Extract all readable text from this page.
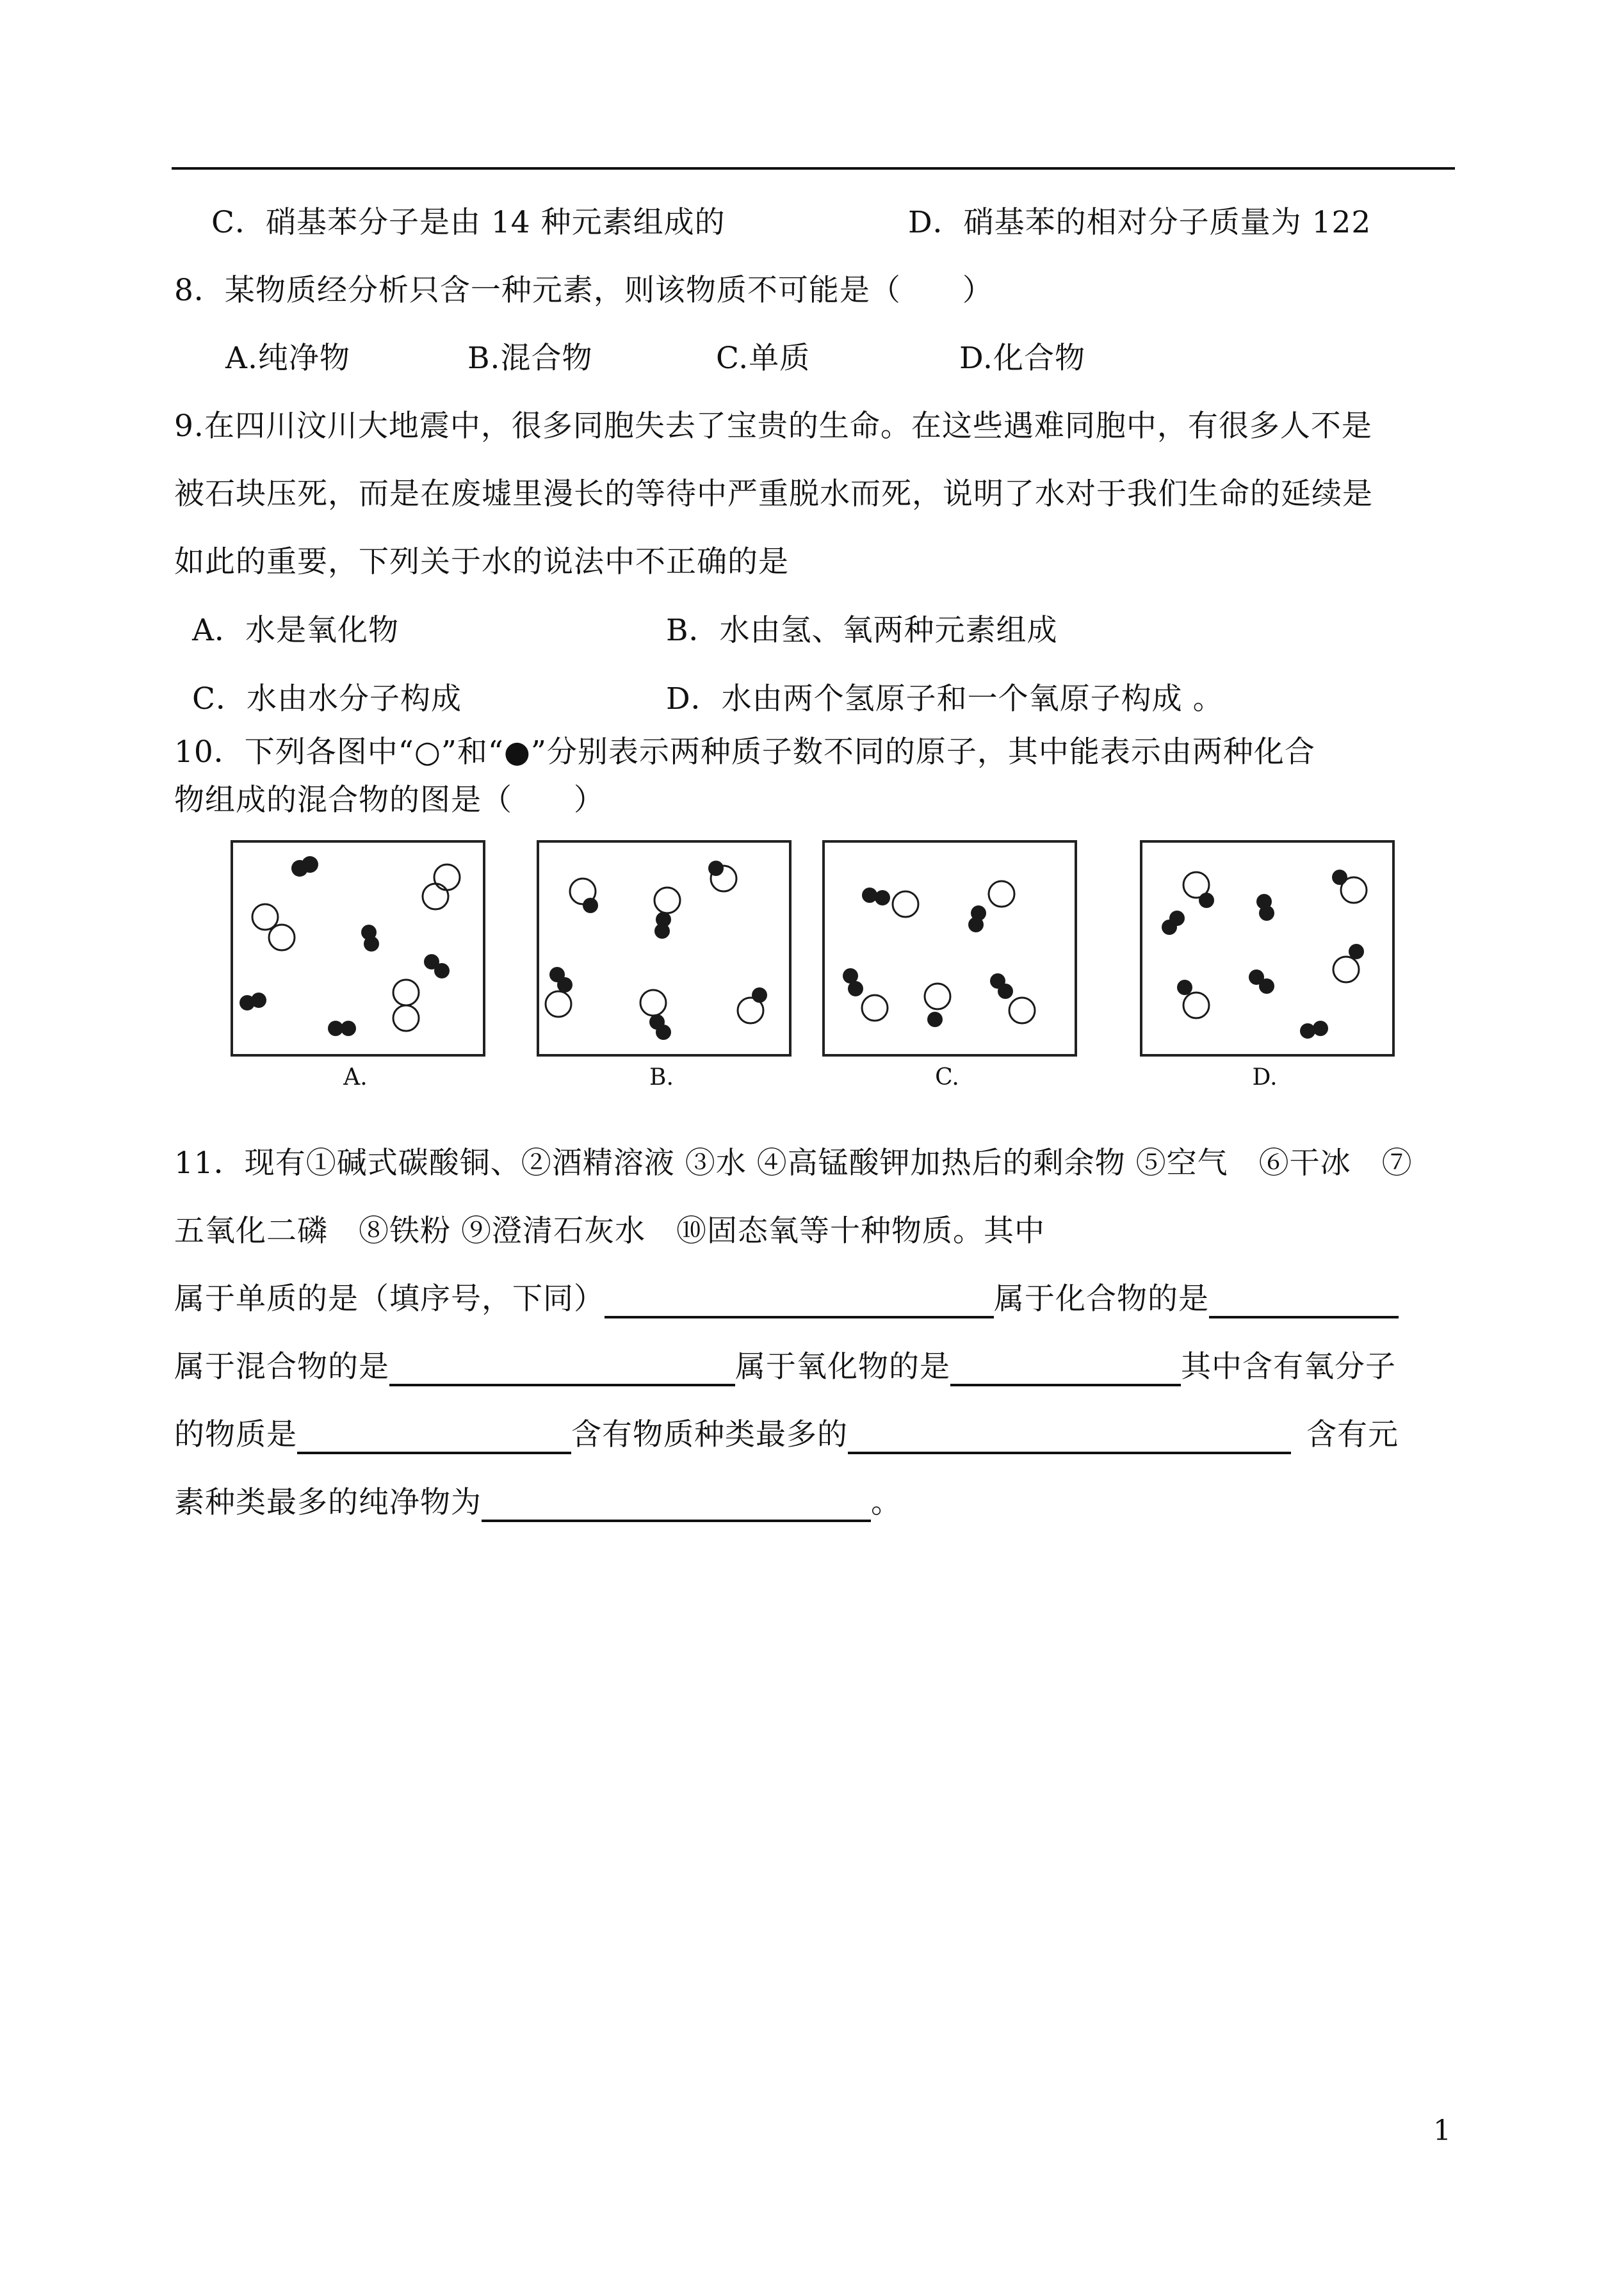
C．硝基苯分子是由 14 种元素组成的	D．硝基苯的相对分子质量为 122
8．某物质经分析只含一种元素，则该物质不可能是（　　）
A.纯净物	B.混合物	C.单质	D.化合物
9.在四川汶川大地震中，很多同胞失去了宝贵的生命。在这些遇难同胞中，有很多人不是
被石块压死，而是在废墟里漫长的等待中严重脱水而死，说明了水对于我们生命的延续是
如此的重要，下列关于水的说法中不正确的是
A．水是氧化物	B．水由氢、氧两种元素组成
C．水由水分子构成	D．水由两个氢原子和一个氧原子构成 。
10．下列各图中“○”和“●”分别表示两种质子数不同的原子，其中能表示由两种化合
物组成的混合物的图是（　　）
A.	B.	C.	D.
11．现有①碱式碳酸铜、②酒精溶液 ③水 ④高锰酸钾加热后的剩余物 ⑤空气　⑥干冰　⑦
五氧化二磷　⑧铁粉 ⑨澄清石灰水　⑩固态氧等十种物质。其中
属于单质的是（填序号，下同）	属于化合物的是
属于混合物的是	属于氧化物的是	其中含有氧分子
的物质是	含有物质种类最多的	含有元
素种类最多的纯净物为	。
1
